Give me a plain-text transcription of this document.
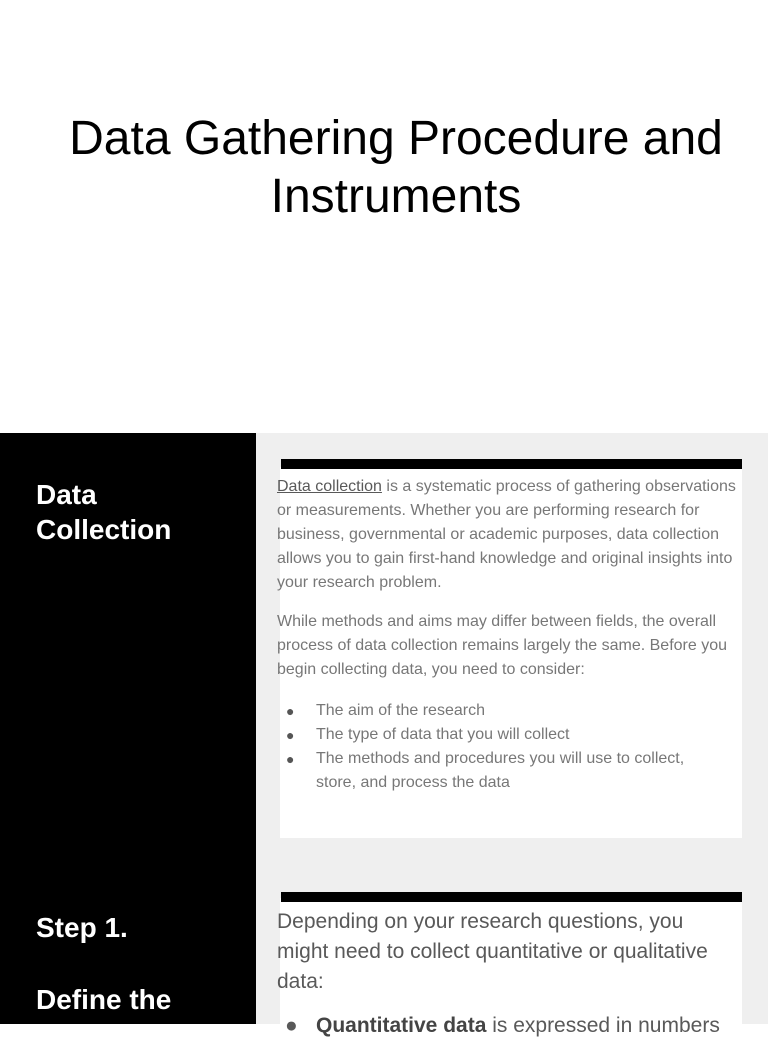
Data Gathering Procedure and
Instruments
Data
Collection

Data collection is a systematic process of gathering observations or measurements. Whether you are performing research for business, governmental or academic purposes, data collection allows you to gain first-hand knowledge and original insights into your research problem.

While methods and aims may differ between fields, the overall process of data collection remains largely the same. Before you begin collecting data, you need to consider:

● The aim of the research
● The type of data that you will collect
● The methods and procedures you will use to collect, store, and process the data
Step 1.

Define the
aim of your

Depending on your research questions, you might need to collect quantitative or qualitative data:

● Quantitative data is expressed in numbers
